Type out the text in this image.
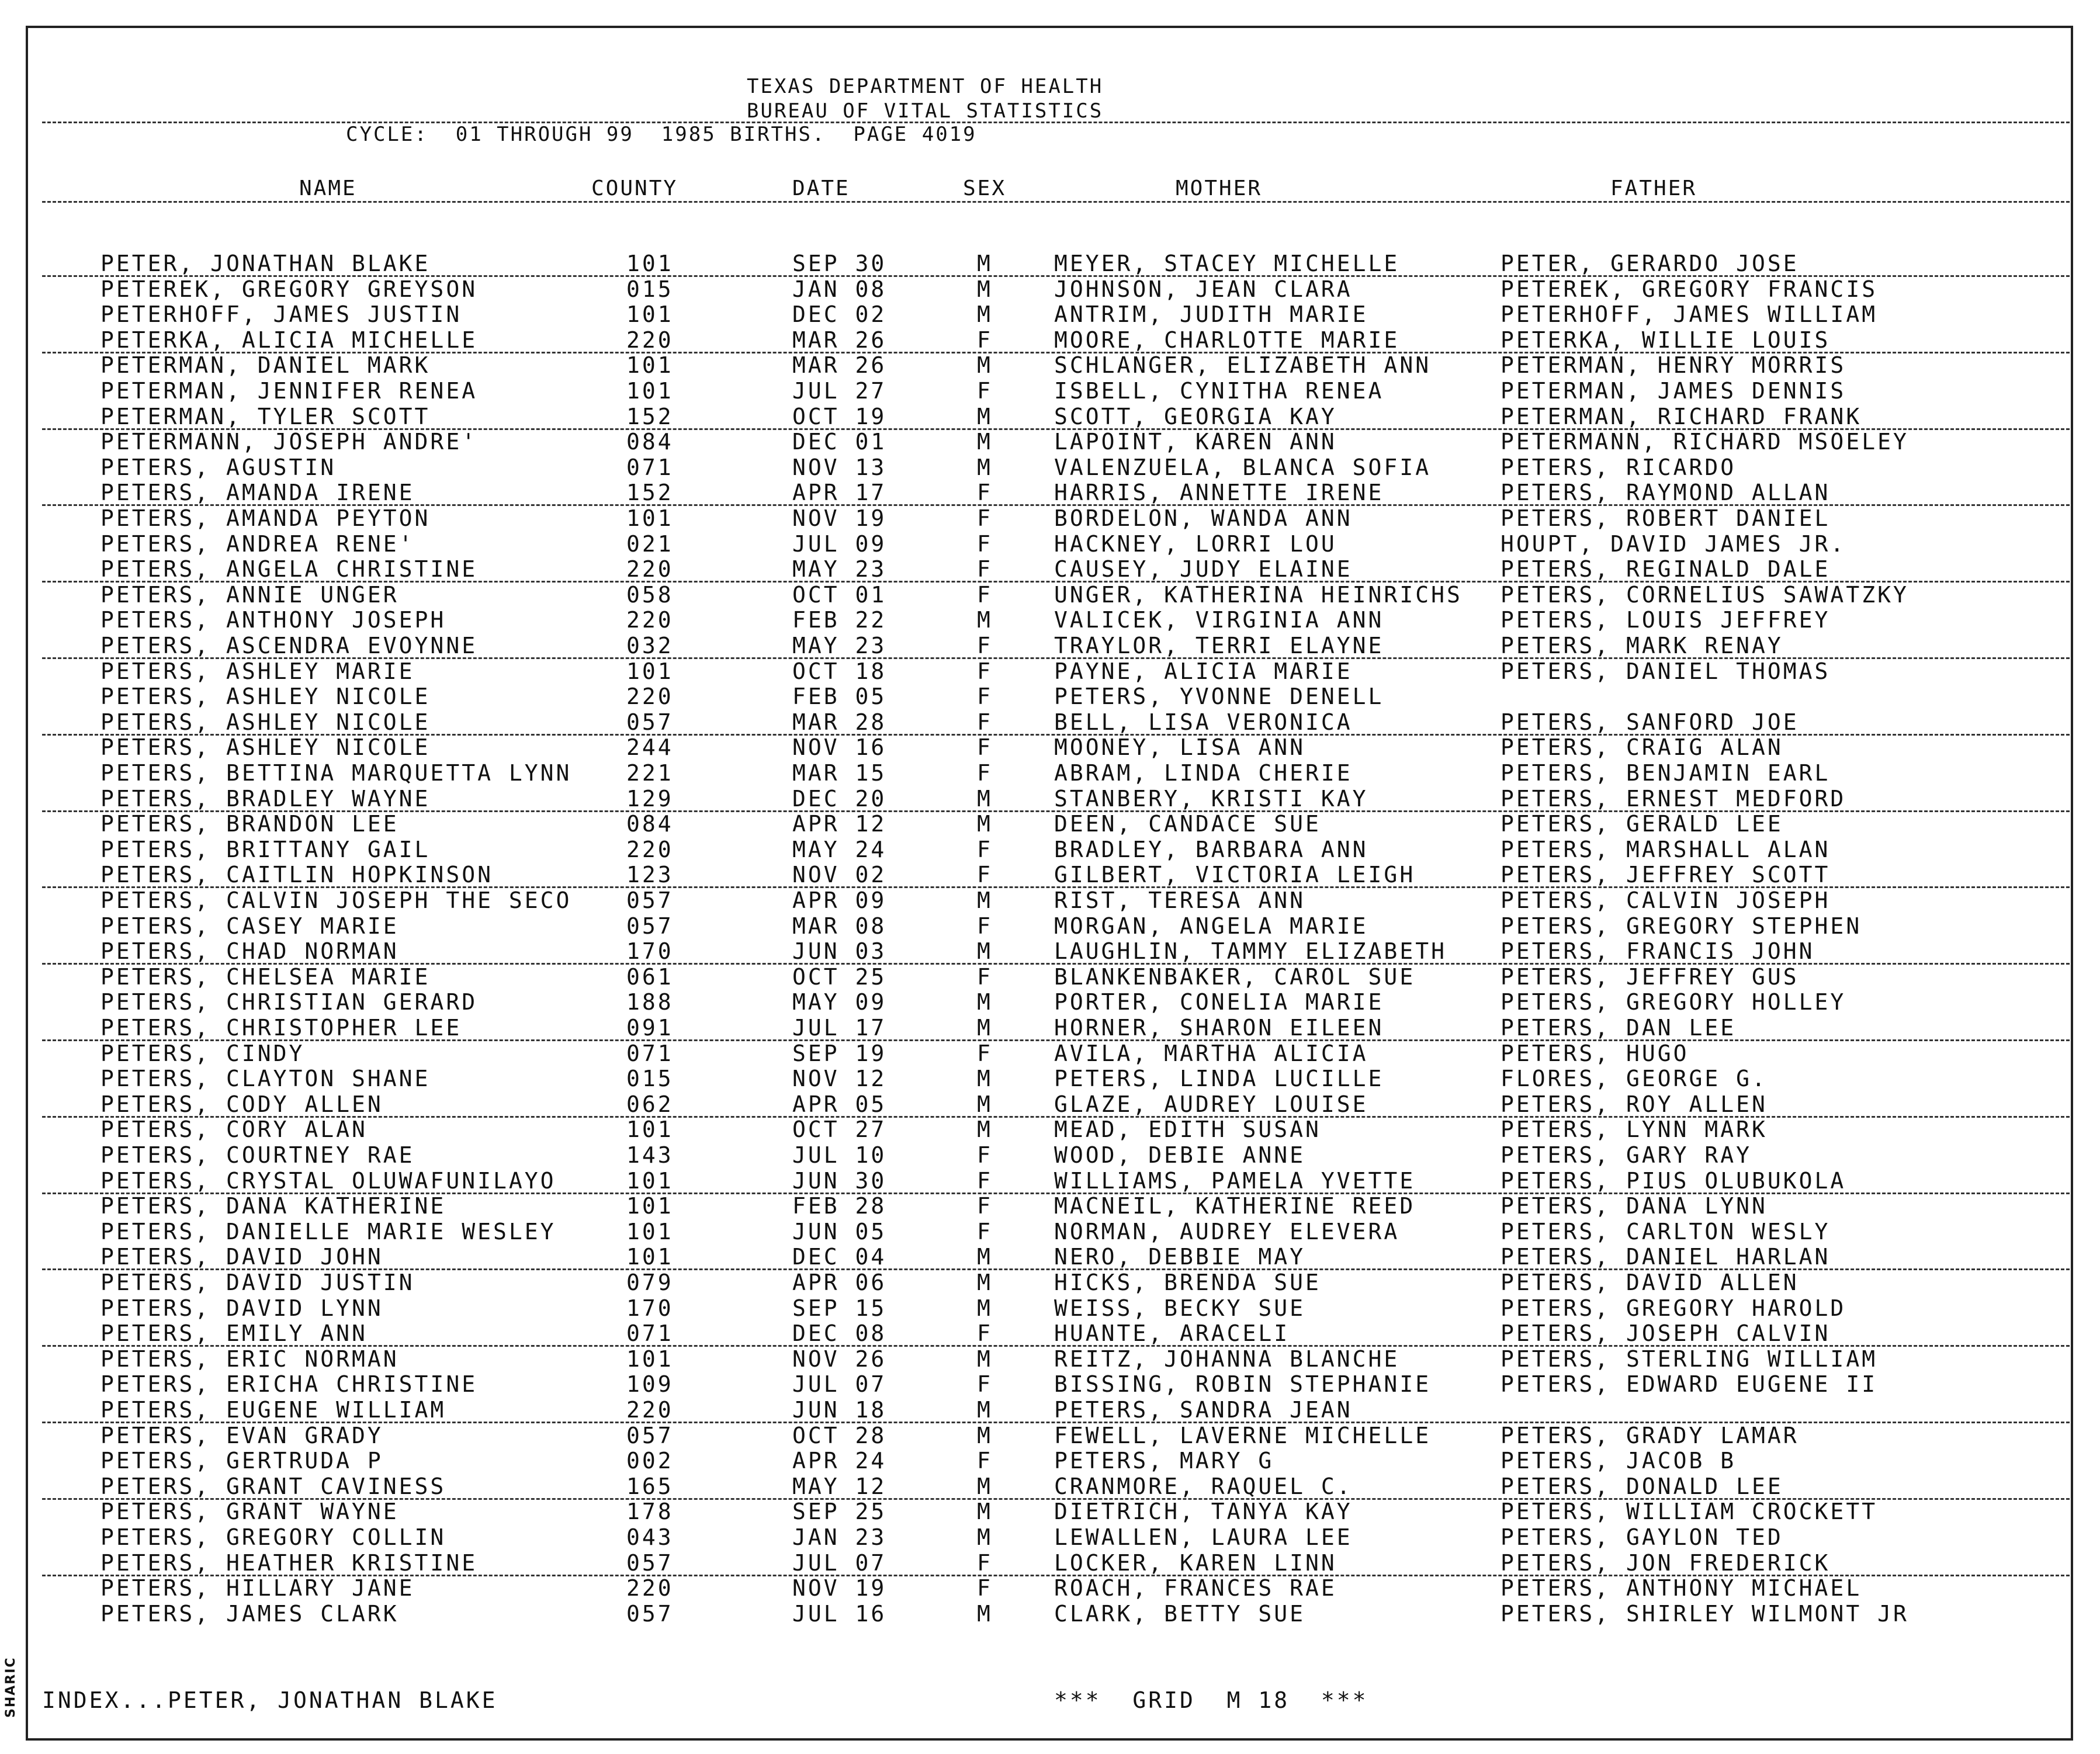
TEXAS DEPARTMENT OF HEALTH
BUREAU OF VITAL STATISTICS
CYCLE:  01 THROUGH 99  1985 BIRTHS.  PAGE 4019
NAME	COUNTY	DATE	SEX	MOTHER	FATHER
PETER, JONATHAN BLAKE	101	SEP 30	M	MEYER, STACEY MICHELLE	PETER, GERARDO JOSE
PETEREK, GREGORY GREYSON	015	JAN 08	M	JOHNSON, JEAN CLARA	PETEREK, GREGORY FRANCIS
PETERHOFF, JAMES JUSTIN	101	DEC 02	M	ANTRIM, JUDITH MARIE	PETERHOFF, JAMES WILLIAM
PETERKA, ALICIA MICHELLE	220	MAR 26	F	MOORE, CHARLOTTE MARIE	PETERKA, WILLIE LOUIS
PETERMAN, DANIEL MARK	101	MAR 26	M	SCHLANGER, ELIZABETH ANN	PETERMAN, HENRY MORRIS
PETERMAN, JENNIFER RENEA	101	JUL 27	F	ISBELL, CYNITHA RENEA	PETERMAN, JAMES DENNIS
PETERMAN, TYLER SCOTT	152	OCT 19	M	SCOTT, GEORGIA KAY	PETERMAN, RICHARD FRANK
PETERMANN, JOSEPH ANDRE'	084	DEC 01	M	LAPOINT, KAREN ANN	PETERMANN, RICHARD MSOELEY
PETERS, AGUSTIN	071	NOV 13	M	VALENZUELA, BLANCA SOFIA	PETERS, RICARDO
PETERS, AMANDA IRENE	152	APR 17	F	HARRIS, ANNETTE IRENE	PETERS, RAYMOND ALLAN
PETERS, AMANDA PEYTON	101	NOV 19	F	BORDELON, WANDA ANN	PETERS, ROBERT DANIEL
PETERS, ANDREA RENE'	021	JUL 09	F	HACKNEY, LORRI LOU	HOUPT, DAVID JAMES JR.
PETERS, ANGELA CHRISTINE	220	MAY 23	F	CAUSEY, JUDY ELAINE	PETERS, REGINALD DALE
PETERS, ANNIE UNGER	058	OCT 01	F	UNGER, KATHERINA HEINRICHS PETERS, CORNELIUS SAWATZKY
PETERS, ANTHONY JOSEPH	220	FEB 22	M	VALICEK, VIRGINIA ANN	PETERS, LOUIS JEFFREY
PETERS, ASCENDRA EVOYNNE	032	MAY 23	F	TRAYLOR, TERRI ELAYNE	PETERS, MARK RENAY
PETERS, ASHLEY MARIE	101	OCT 18	F	PAYNE, ALICIA MARIE	PETERS, DANIEL THOMAS
PETERS, ASHLEY NICOLE	220	FEB 05	F	PETERS, YVONNE DENELL
PETERS, ASHLEY NICOLE	057	MAR 28	F	BELL, LISA VERONICA	PETERS, SANFORD JOE
PETERS, ASHLEY NICOLE	244	NOV 16	F	MOONEY, LISA ANN	PETERS, CRAIG ALAN
PETERS, BETTINA MARQUETTA LYNN 221	MAR 15	F	ABRAM, LINDA CHERIE	PETERS, BENJAMIN EARL
PETERS, BRADLEY WAYNE	129	DEC 20	M	STANBERY, KRISTI KAY	PETERS, ERNEST MEDFORD
PETERS, BRANDON LEE	084	APR 12	M	DEEN, CANDACE SUE	PETERS, GERALD LEE
PETERS, BRITTANY GAIL	220	MAY 24	F	BRADLEY, BARBARA ANN	PETERS, MARSHALL ALAN
PETERS, CAITLIN HOPKINSON	123	NOV 02	F	GILBERT, VICTORIA LEIGH	PETERS, JEFFREY SCOTT
PETERS, CALVIN JOSEPH THE SECO 057	APR 09	M	RIST, TERESA ANN	PETERS, CALVIN JOSEPH
PETERS, CASEY MARIE	057	MAR 08	F	MORGAN, ANGELA MARIE	PETERS, GREGORY STEPHEN
PETERS, CHAD NORMAN	170	JUN 03	M	LAUGHLIN, TAMMY ELIZABETH PETERS, FRANCIS JOHN
PETERS, CHELSEA MARIE	061	OCT 25	F	BLANKENBAKER, CAROL SUE	PETERS, JEFFREY GUS
PETERS, CHRISTIAN GERARD	188	MAY 09	M	PORTER, CONELIA MARIE	PETERS, GREGORY HOLLEY
PETERS, CHRISTOPHER LEE	091	JUL 17	M	HORNER, SHARON EILEEN	PETERS, DAN LEE
PETERS, CINDY	071	SEP 19	F	AVILA, MARTHA ALICIA	PETERS, HUGO
PETERS, CLAYTON SHANE	015	NOV 12	M	PETERS, LINDA LUCILLE	FLORES, GEORGE G.
PETERS, CODY ALLEN	062	APR 05	M	GLAZE, AUDREY LOUISE	PETERS, ROY ALLEN
PETERS, CORY ALAN	101	OCT 27	M	MEAD, EDITH SUSAN	PETERS, LYNN MARK
PETERS, COURTNEY RAE	143	JUL 10	F	WOOD, DEBIE ANNE	PETERS, GARY RAY
PETERS, CRYSTAL OLUWAFUNILAYO	101	JUN 30	F	WILLIAMS, PAMELA YVETTE	PETERS, PIUS OLUBUKOLA
PETERS, DANA KATHERINE	101	FEB 28	F	MACNEIL, KATHERINE REED	PETERS, DANA LYNN
PETERS, DANIELLE MARIE WESLEY	101	JUN 05	F	NORMAN, AUDREY ELEVERA	PETERS, CARLTON WESLY
PETERS, DAVID JOHN	101	DEC 04	M	NERO, DEBBIE MAY	PETERS, DANIEL HARLAN
PETERS, DAVID JUSTIN	079	APR 06	M	HICKS, BRENDA SUE	PETERS, DAVID ALLEN
PETERS, DAVID LYNN	170	SEP 15	M	WEISS, BECKY SUE	PETERS, GREGORY HAROLD
PETERS, EMILY ANN	071	DEC 08	F	HUANTE, ARACELI	PETERS, JOSEPH CALVIN
PETERS, ERIC NORMAN	101	NOV 26	M	REITZ, JOHANNA BLANCHE	PETERS, STERLING WILLIAM
PETERS, ERICHA CHRISTINE	109	JUL 07	F	BISSING, ROBIN STEPHANIE	PETERS, EDWARD EUGENE II
PETERS, EUGENE WILLIAM	220	JUN 18	M	PETERS, SANDRA JEAN
PETERS, EVAN GRADY	057	OCT 28	M	FEWELL, LAVERNE MICHELLE	PETERS, GRADY LAMAR
PETERS, GERTRUDA P	002	APR 24	F	PETERS, MARY G	PETERS, JACOB B
PETERS, GRANT CAVINESS	165	MAY 12	M	CRANMORE, RAQUEL C.	PETERS, DONALD LEE
PETERS, GRANT WAYNE	178	SEP 25	M	DIETRICH, TANYA KAY	PETERS, WILLIAM CROCKETT
PETERS, GREGORY COLLIN	043	JAN 23	M	LEWALLEN, LAURA LEE	PETERS, GAYLON TED
PETERS, HEATHER KRISTINE	057	JUL 07	F	LOCKER, KAREN LINN	PETERS, JON FREDERICK
PETERS, HILLARY JANE	220	NOV 19	F	ROACH, FRANCES RAE	PETERS, ANTHONY MICHAEL
PETERS, JAMES CLARK	057	JUL 16	M	CLARK, BETTY SUE	PETERS, SHIRLEY WILMONT JR
INDEX...PETER, JONATHAN BLAKE	***  GRID  M 18  ***
SHARIC
